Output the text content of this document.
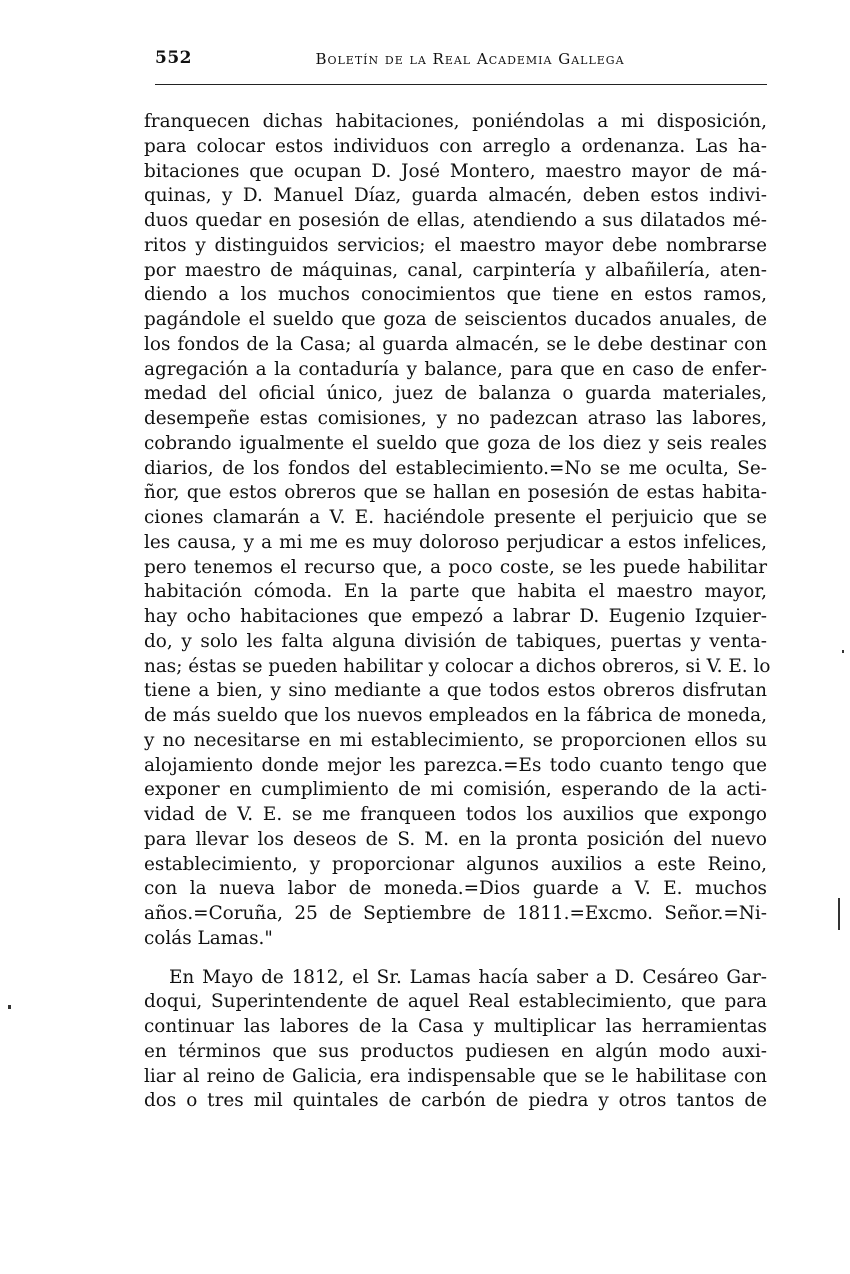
552	Boletín de la Real Academia Gallega

franquecen dichas habitaciones, poniéndolas a mi disposición,

para colocar estos individuos con arreglo a ordenanza. Las ha-

bitaciones que ocupan D. José Montero, maestro mayor de má-

quinas, y D. Manuel Díaz, guarda almacén, deben estos indivi-

duos quedar en posesión de ellas, atendiendo a sus dilatados mé-

ritos y distinguidos servicios; el maestro mayor debe nombrarse

por maestro de máquinas, canal, carpintería y albañilería, aten-

diendo a los muchos conocimientos que tiene en estos ramos,

pagándole el sueldo que goza de seiscientos ducados anuales, de

los fondos de la Casa; al guarda almacén, se le debe destinar con

agregación a la contaduría y balance, para que en caso de enfer-

medad del oficial único, juez de balanza o guarda materiales,

desempeñe estas comisiones, y no padezcan atraso las labores,

cobrando igualmente el sueldo que goza de los diez y seis reales

diarios, de los fondos del establecimiento.=No se me oculta, Se-

ñor, que estos obreros que se hallan en posesión de estas habita-

ciones clamarán a V. E. haciéndole presente el perjuicio que se

les causa, y a mi me es muy doloroso perjudicar a estos infelices,

pero tenemos el recurso que, a poco coste, se les puede habilitar

habitación cómoda. En la parte que habita el maestro mayor,

hay ocho habitaciones que empezó a labrar D. Eugenio Izquier-

do, y solo les falta alguna división de tabiques, puertas y venta-

nas; éstas se pueden habilitar y colocar a dichos obreros, si V. E. lo

tiene a bien, y sino mediante a que todos estos obreros disfrutan

de más sueldo que los nuevos empleados en la fábrica de moneda,

y no necesitarse en mi establecimiento, se proporcionen ellos su

alojamiento donde mejor les parezca.=Es todo cuanto tengo que

exponer en cumplimiento de mi comisión, esperando de la acti-

vidad de V. E. se me franqueen todos los auxilios que expongo

para llevar los deseos de S. M. en la pronta posición del nuevo

establecimiento, y proporcionar algunos auxilios a este Reino,

con la nueva labor de moneda.=Dios guarde a V. E. muchos

años.=Coruña, 25 de Septiembre de 1811.=Excmo. Señor.=Ni-

colás Lamas."

En Mayo de 1812, el Sr. Lamas hacía saber a D. Cesáreo Gar-

doqui, Superintendente de aquel Real establecimiento, que para

continuar las labores de la Casa y multiplicar las herramientas

en términos que sus productos pudiesen en algún modo auxi-

liar al reino de Galicia, era indispensable que se le habilitase con

dos o tres mil quintales de carbón de piedra y otros tantos de
